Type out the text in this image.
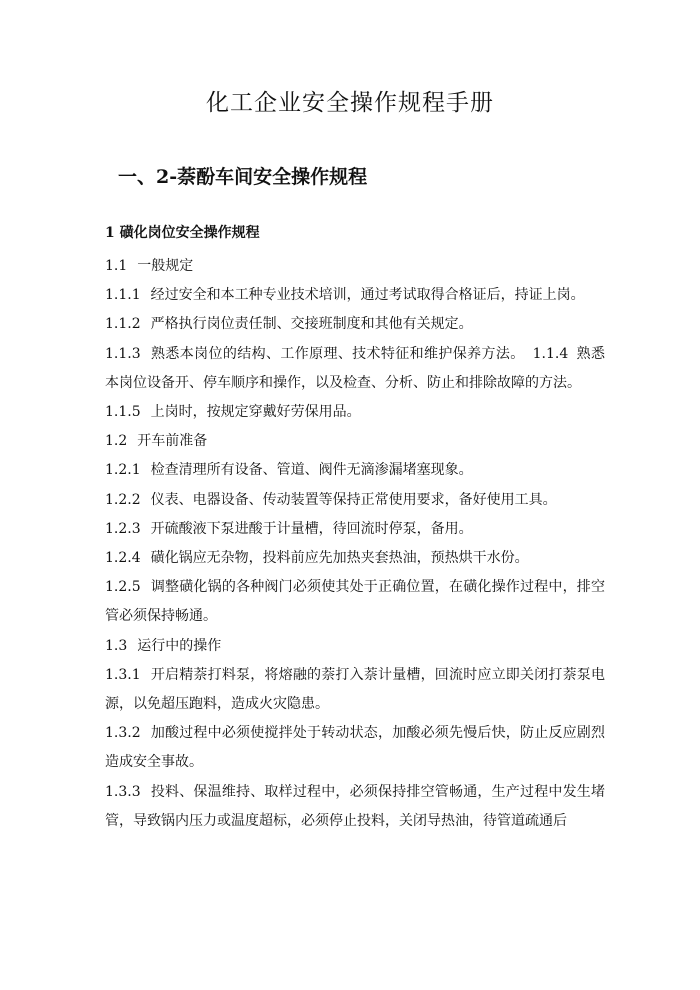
化工企业安全操作规程手册
一、2-萘酚车间安全操作规程
1 磺化岗位安全操作规程

1.1 一般规定

1.1.1 经过安全和本工种专业技术培训，通过考试取得合格证后，持证上岗。

1.1.2 严格执行岗位责任制、交接班制度和其他有关规定。

1.1.3 熟悉本岗位的结构、工作原理、技术特征和维护保养方法。 1.1.4 熟悉本岗位设备开、停车顺序和操作，以及检查、分析、防止和排除故障的方法。

1.1.5 上岗时，按规定穿戴好劳保用品。

1.2 开车前准备

1.2.1 检查清理所有设备、管道、阀件无滴渗漏堵塞现象。

1.2.2 仪表、电器设备、传动装置等保持正常使用要求，备好使用工具。

1.2.3 开硫酸液下泵进酸于计量槽，待回流时停泵，备用。

1.2.4 磺化锅应无杂物，投料前应先加热夹套热油，预热烘干水份。

1.2.5 调整磺化锅的各种阀门必须使其处于正确位置，在磺化操作过程中，排空管必须保持畅通。

1.3 运行中的操作

1.3.1 开启精萘打料泵，将熔融的萘打入萘计量槽，回流时应立即关闭打萘泵电源，以免超压跑料，造成火灾隐患。

1.3.2 加酸过程中必须使搅拌处于转动状态，加酸必须先慢后快，防止反应剧烈造成安全事故。

1.3.3 投料、保温维持、取样过程中，必须保持排空管畅通，生产过程中发生堵管，导致锅内压力或温度超标，必须停止投料，关闭导热油，待管道疏通后
